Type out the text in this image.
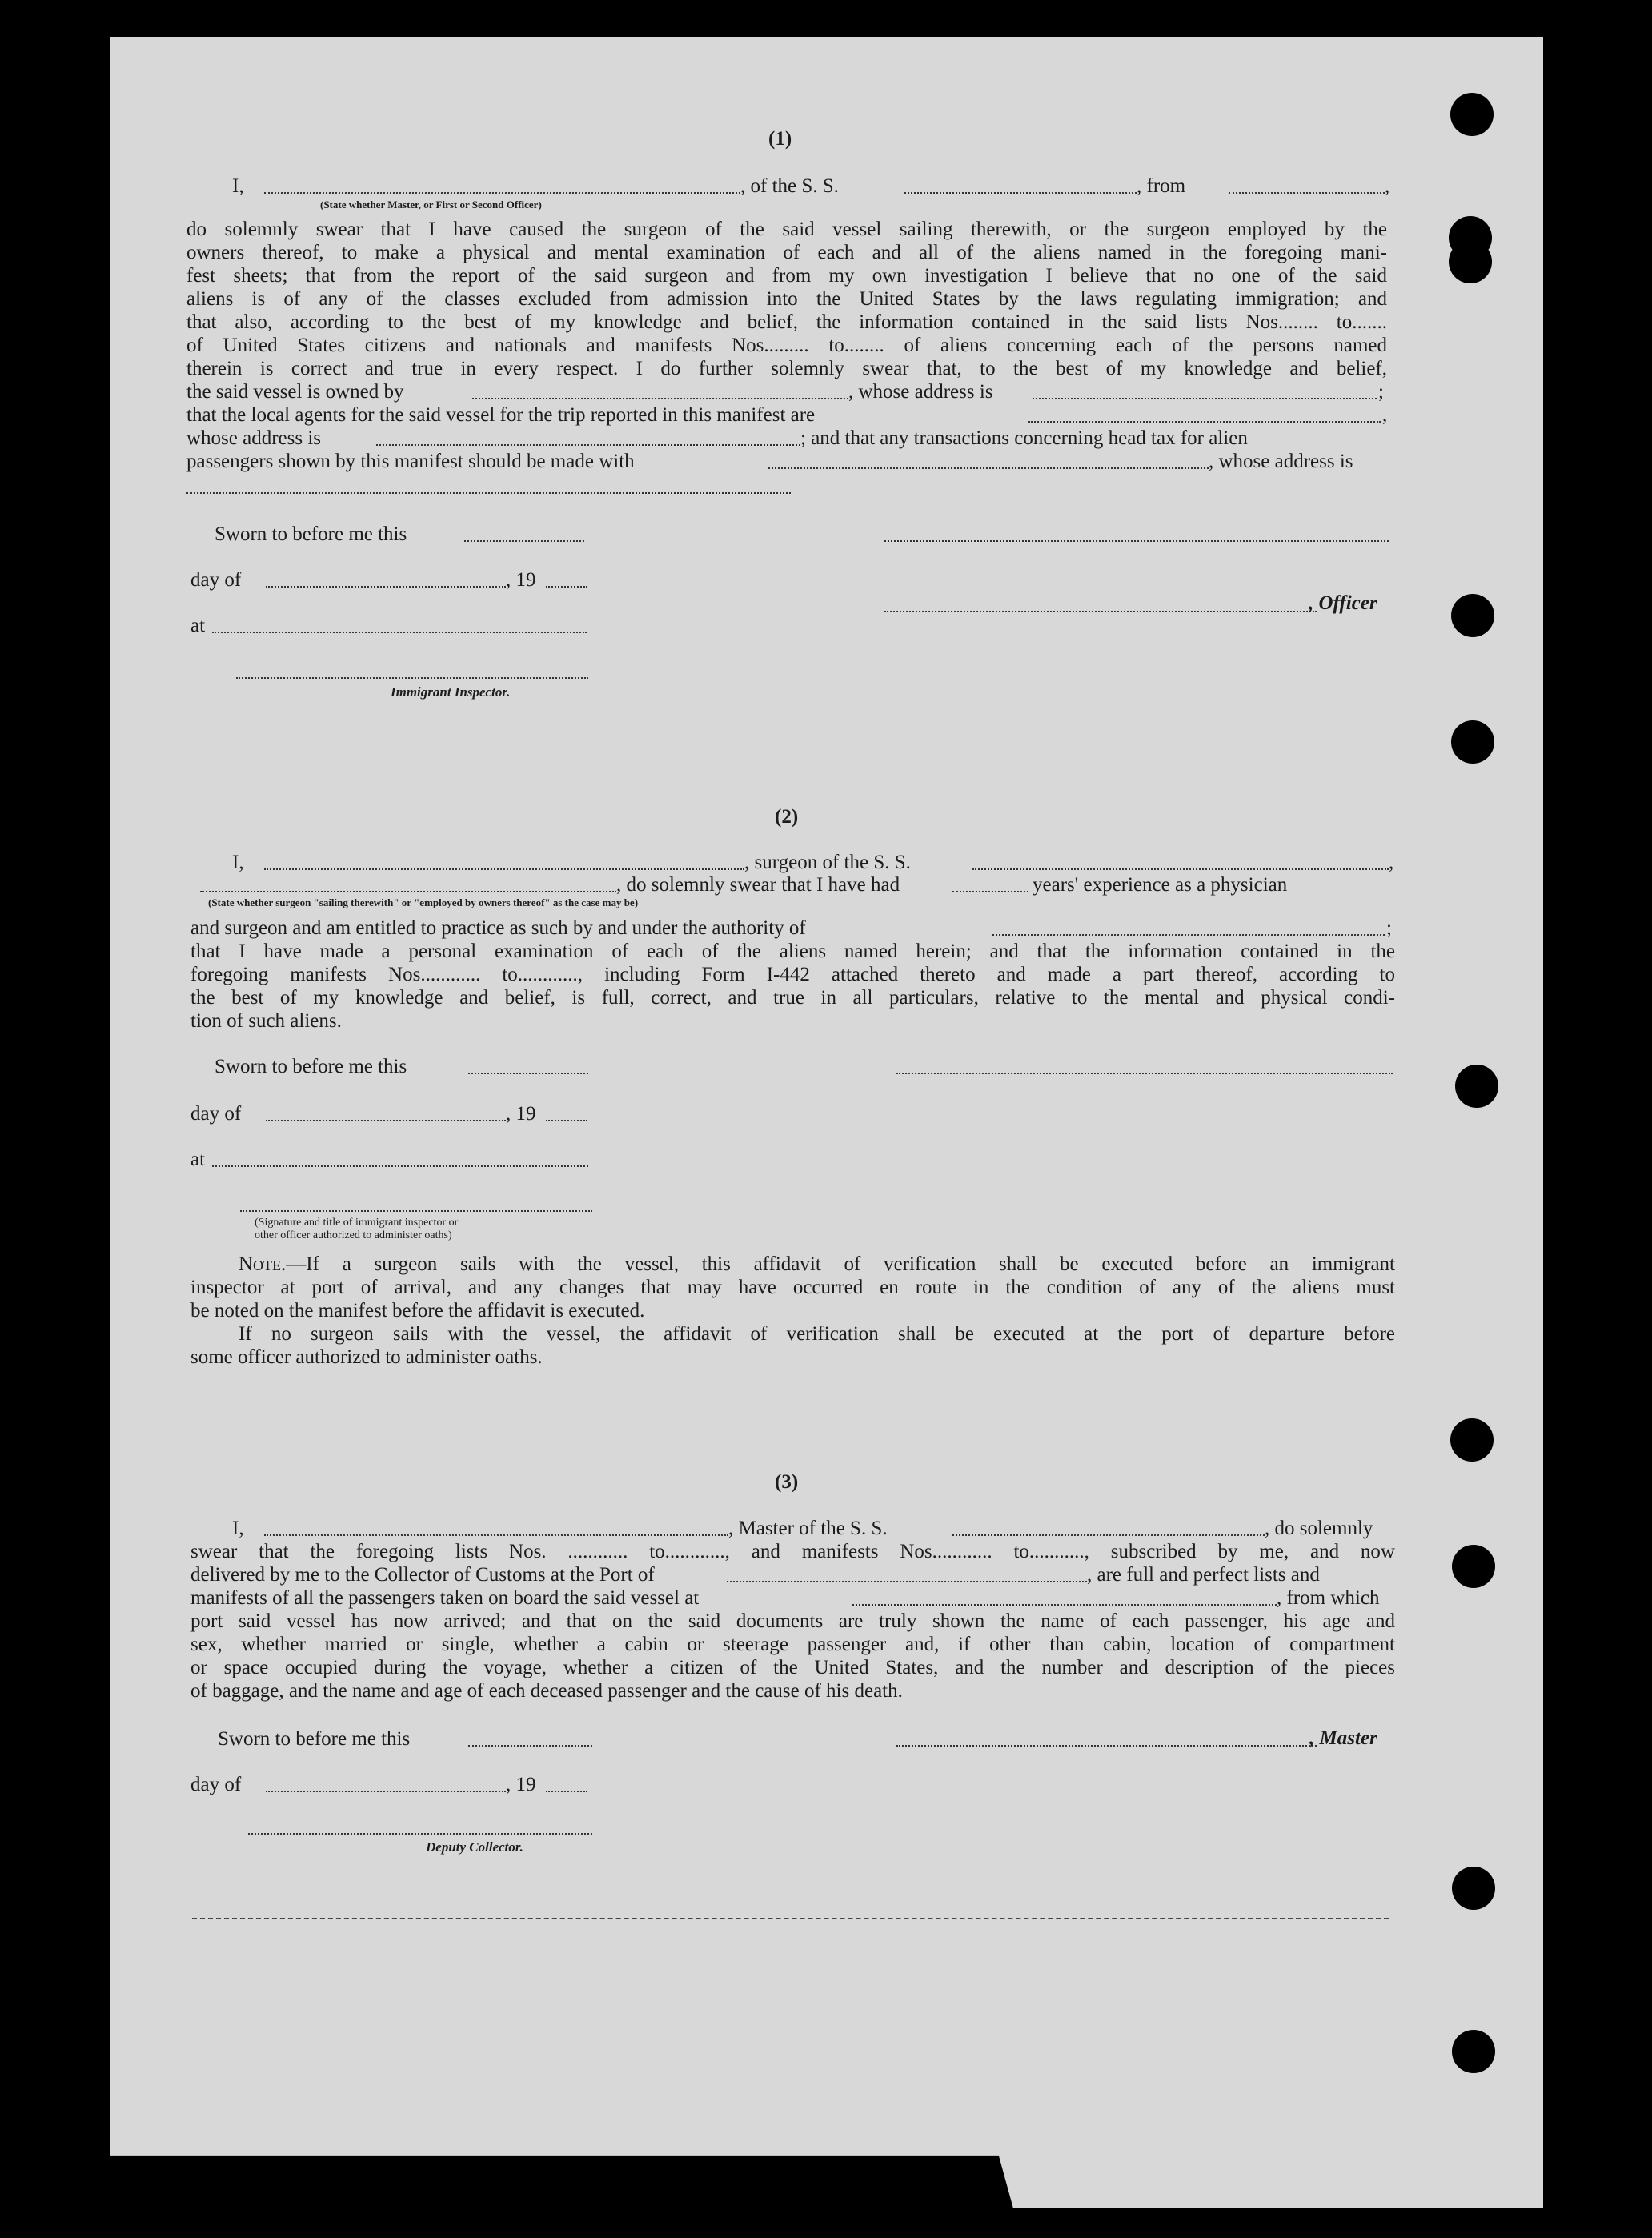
(1)
I,	, of the S. S.	, from	,
(State whether Master, or First or Second Officer)
do solemnly swear that I have caused the surgeon of the said vessel sailing therewith, or the surgeon employed by the
owners thereof, to make a physical and mental examination of each and all of the aliens named in the foregoing mani-
fest sheets; that from the report of the said surgeon and from my own investigation I believe that no one of the said
aliens is of any of the classes excluded from admission into the United States by the laws regulating immigration; and
that also, according to the best of my knowledge and belief, the information contained in the said lists Nos........ to.......
of United States citizens and nationals and manifests Nos......... to........ of aliens concerning each of the persons named
therein is correct and true in every respect. I do further solemnly swear that, to the best of my knowledge and belief,
the said vessel is owned by	, whose address is	;
that the local agents for the said vessel for the trip reported in this manifest are	,
whose address is	; and that any transactions concerning head tax for alien
passengers shown by this manifest should be made with	, whose address is
Sworn to before me this
day of	, 19
, Officer
at
Immigrant Inspector.
(2)
I,	, surgeon of the S. S.	,
, do solemnly swear that I have had	years' experience as a physician
(State whether surgeon "sailing therewith" or "employed by owners thereof" as the case may be)
and surgeon and am entitled to practice as such by and under the authority of	;
that I have made a personal examination of each of the aliens named herein; and that the information contained in the
foregoing manifests Nos............ to............, including Form I-442 attached thereto and made a part thereof, according to
the best of my knowledge and belief, is full, correct, and true in all particulars, relative to the mental and physical condi-
tion of such aliens.
Sworn to before me this
day of	, 19
at
(Signature and title of immigrant inspector or
other officer authorized to administer oaths)
Note.—If a surgeon sails with the vessel, this affidavit of verification shall be executed before an immigrant
inspector at port of arrival, and any changes that may have occurred en route in the condition of any of the aliens must
be noted on the manifest before the affidavit is executed.
If no surgeon sails with the vessel, the affidavit of verification shall be executed at the port of departure before
some officer authorized to administer oaths.
(3)
I,	, Master of the S. S.	, do solemnly
swear that the foregoing lists Nos. ............ to............, and manifests Nos............ to..........., subscribed by me, and now
delivered by me to the Collector of Customs at the Port of	, are full and perfect lists and
manifests of all the passengers taken on board the said vessel at	, from which
port said vessel has now arrived; and that on the said documents are truly shown the name of each passenger, his age and
sex, whether married or single, whether a cabin or steerage passenger and, if other than cabin, location of compartment
or space occupied during the voyage, whether a citizen of the United States, and the number and description of the pieces
of baggage, and the name and age of each deceased passenger and the cause of his death.
Sworn to before me this	, Master
day of	, 19
Deputy Collector.
